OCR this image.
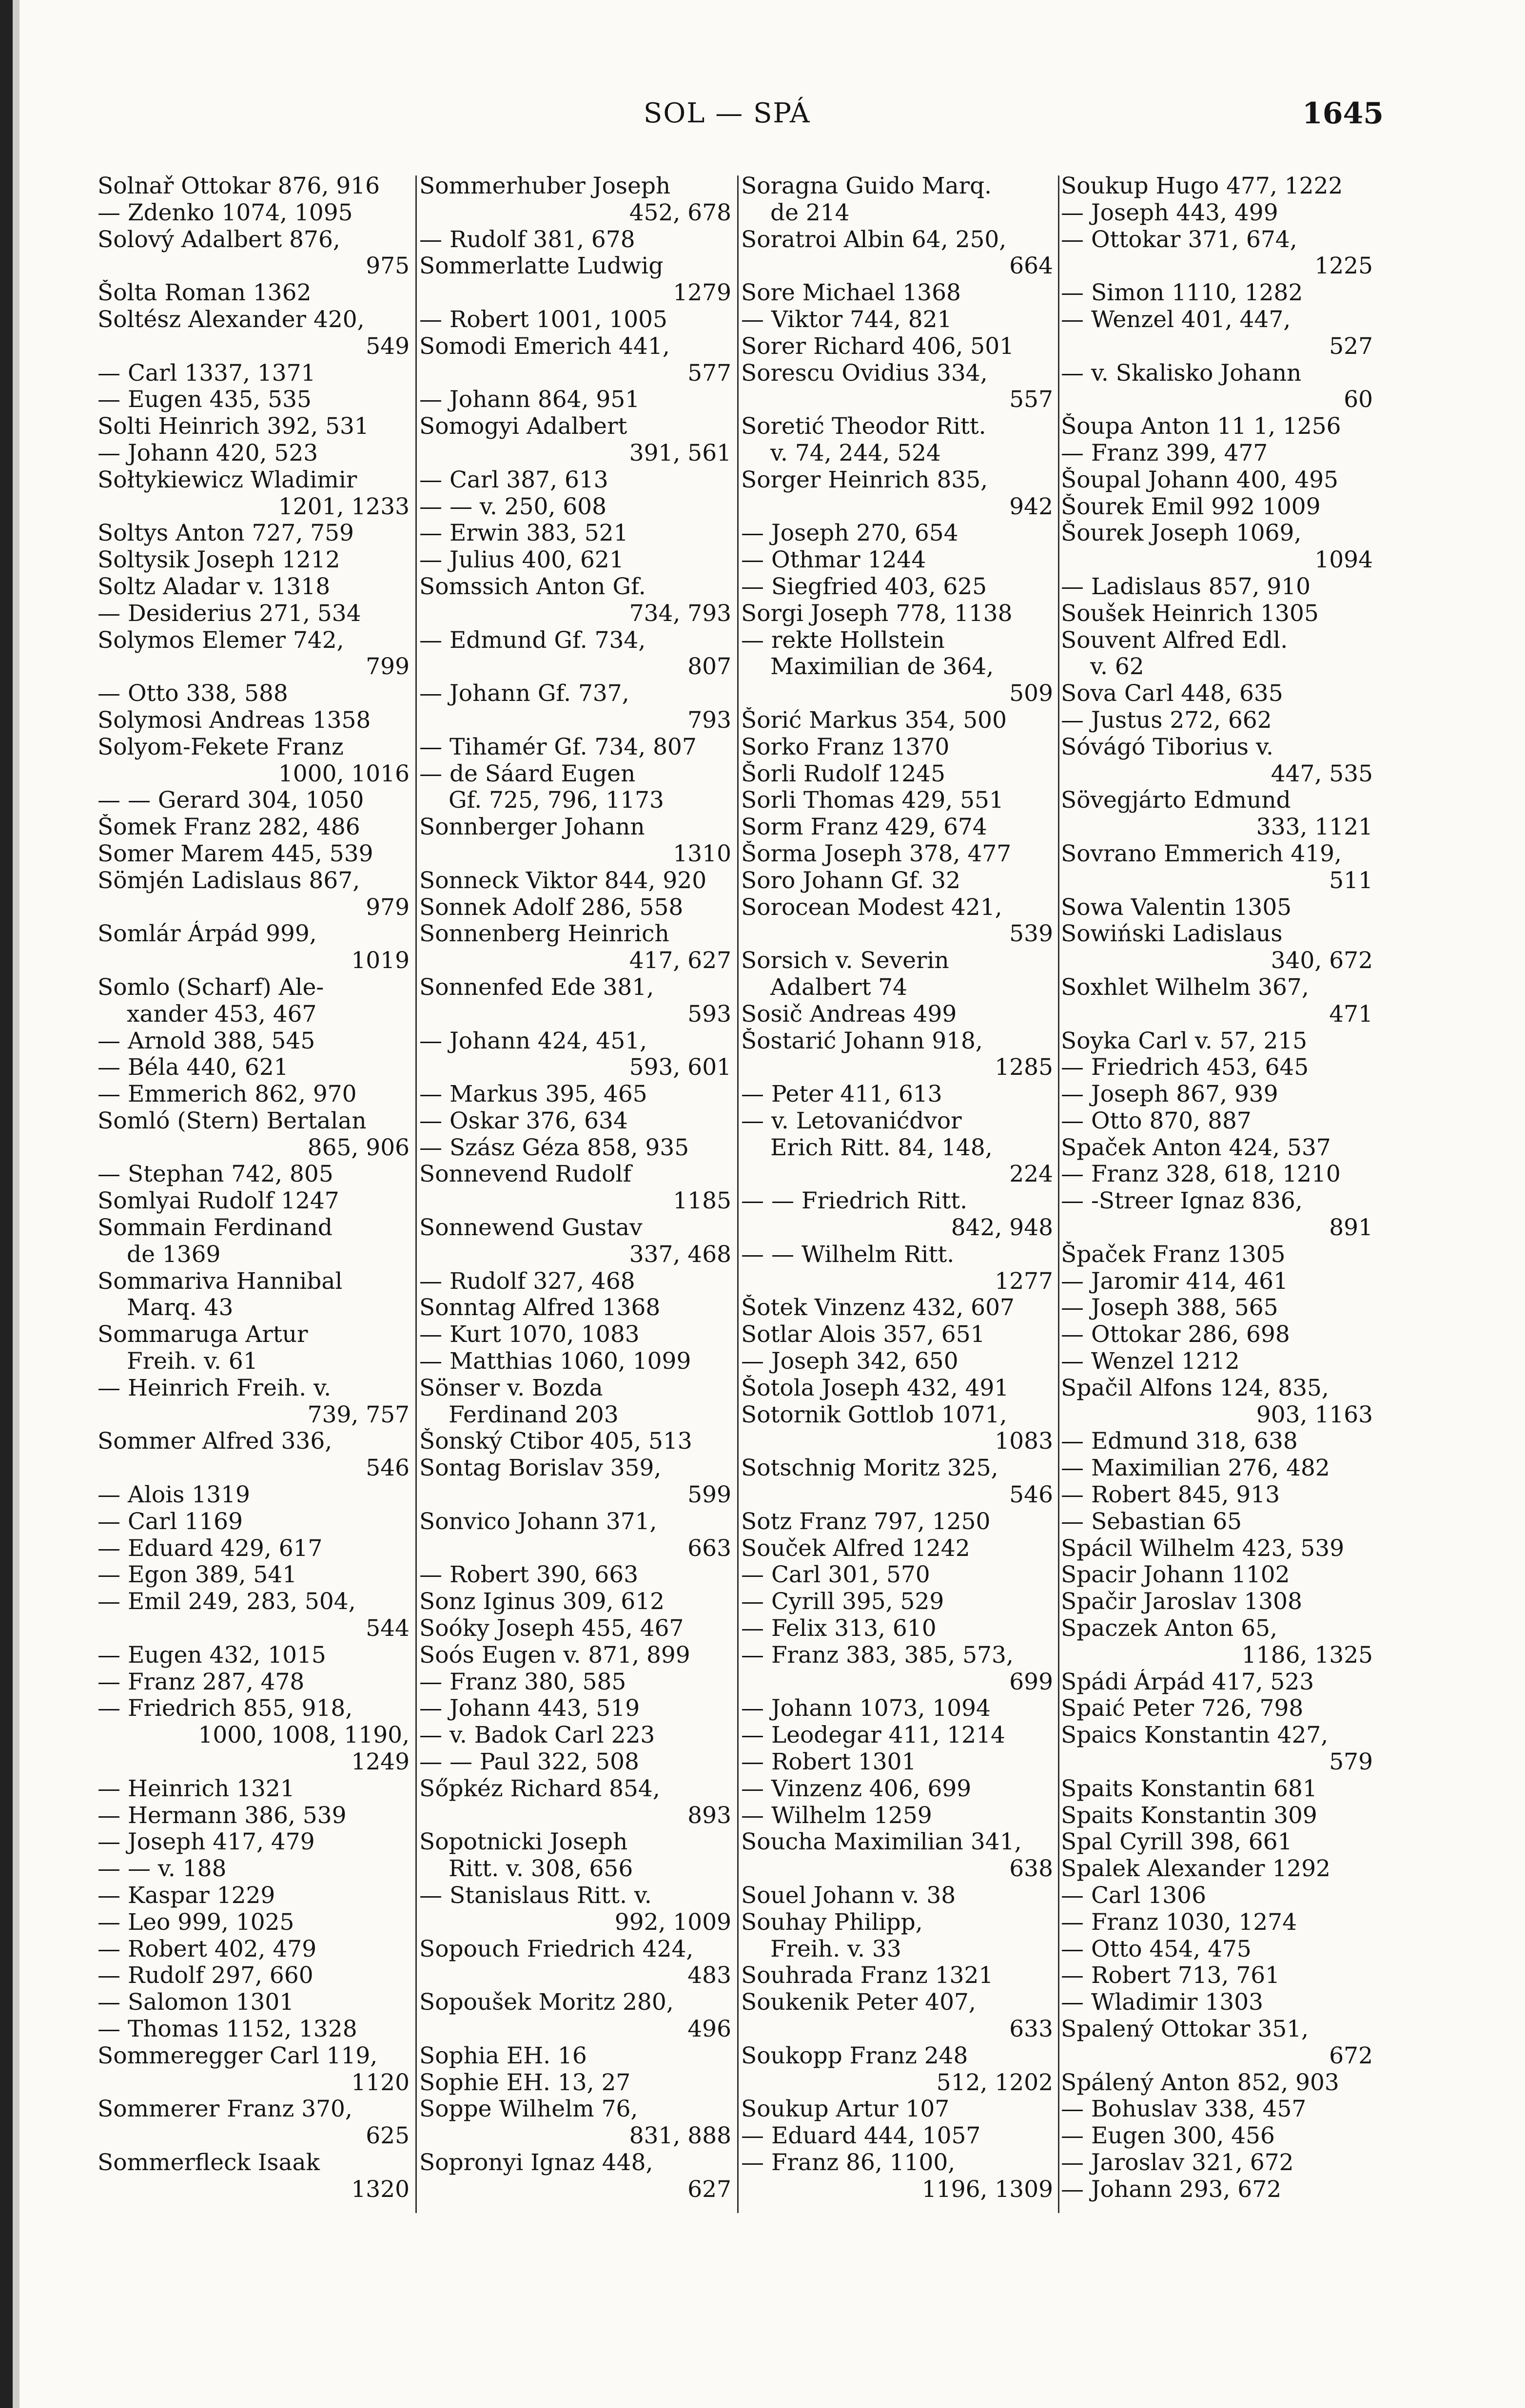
SOL — SPÁ	1645
Solnař Ottokar 876, 916
— Zdenko 1074, 1095
Solový Adalbert 876,
975
Šolta Roman 1362
Soltész Alexander 420,
549
— Carl 1337, 1371
— Eugen 435, 535
Solti Heinrich 392, 531
— Johann 420, 523
Sołtykiewicz Wladimir
1201, 1233
Soltys Anton 727, 759
Soltysik Joseph 1212
Soltz Aladar v. 1318
— Desiderius 271, 534
Solymos Elemer 742,
799
— Otto 338, 588
Solymosi Andreas 1358
Solyom-Fekete Franz
1000, 1016
— — Gerard 304, 1050
Šomek Franz 282, 486
Somer Marem 445, 539
Sömjén Ladislaus 867,
979
Somlár Árpád 999,
1019
Somlo (Scharf) Ale-
xander 453, 467
— Arnold 388, 545
— Béla 440, 621
— Emmerich 862, 970
Somló (Stern) Bertalan
865, 906
— Stephan 742, 805
Somlyai Rudolf 1247
Sommain Ferdinand
de 1369
Sommariva Hannibal
Marq. 43
Sommaruga Artur
Freih. v. 61
— Heinrich Freih. v.
739, 757
Sommer Alfred 336,
546
— Alois 1319
— Carl 1169
— Eduard 429, 617
— Egon 389, 541
— Emil 249, 283, 504,
544
— Eugen 432, 1015
— Franz 287, 478
— Friedrich 855, 918,
1000, 1008, 1190,
1249
— Heinrich 1321
— Hermann 386, 539
— Joseph 417, 479
— — v. 188
— Kaspar 1229
— Leo 999, 1025
— Robert 402, 479
— Rudolf 297, 660
— Salomon 1301
— Thomas 1152, 1328
Sommeregger Carl 119,
1120
Sommerer Franz 370,
625
Sommerfleck Isaak
1320
Sommerhuber Joseph
452, 678
— Rudolf 381, 678
Sommerlatte Ludwig
1279
— Robert 1001, 1005
Somodi Emerich 441,
577
— Johann 864, 951
Somogyi Adalbert
391, 561
— Carl 387, 613
— — v. 250, 608
— Erwin 383, 521
— Julius 400, 621
Somssich Anton Gf.
734, 793
— Edmund Gf. 734,
807
— Johann Gf. 737,
793
— Tihamér Gf. 734, 807
— de Sáard Eugen
Gf. 725, 796, 1173
Sonnberger Johann
1310
Sonneck Viktor 844, 920
Sonnek Adolf 286, 558
Sonnenberg Heinrich
417, 627
Sonnenfed Ede 381,
593
— Johann 424, 451,
593, 601
— Markus 395, 465
— Oskar 376, 634
— Szász Géza 858, 935
Sonnevend Rudolf
1185
Sonnewend Gustav
337, 468
— Rudolf 327, 468
Sonntag Alfred 1368
— Kurt 1070, 1083
— Matthias 1060, 1099
Sönser v. Bozda
Ferdinand 203
Šonský Ctibor 405, 513
Sontag Borislav 359,
599
Sonvico Johann 371,
663
— Robert 390, 663
Sonz Iginus 309, 612
Soóky Joseph 455, 467
Soós Eugen v. 871, 899
— Franz 380, 585
— Johann 443, 519
— v. Badok Carl 223
— — Paul 322, 508
Sőpkéz Richard 854,
893
Sopotnicki Joseph
Ritt. v. 308, 656
— Stanislaus Ritt. v.
992, 1009
Sopouch Friedrich 424,
483
Sopoušek Moritz 280,
496
Sophia EH. 16
Sophie EH. 13, 27
Soppe Wilhelm 76,
831, 888
Sopronyi Ignaz 448,
627
Soragna Guido Marq.
de 214
Soratroi Albin 64, 250,
664
Sore Michael 1368
— Viktor 744, 821
Sorer Richard 406, 501
Sorescu Ovidius 334,
557
Soretić Theodor Ritt.
v. 74, 244, 524
Sorger Heinrich 835,
942
— Joseph 270, 654
— Othmar 1244
— Siegfried 403, 625
Sorgi Joseph 778, 1138
— rekte Hollstein
Maximilian de 364,
509
Šorić Markus 354, 500
Sorko Franz 1370
Šorli Rudolf 1245
Sorli Thomas 429, 551
Sorm Franz 429, 674
Šorma Joseph 378, 477
Soro Johann Gf. 32
Sorocean Modest 421,
539
Sorsich v. Severin
Adalbert 74
Sosič Andreas 499
Šostarić Johann 918,
1285
— Peter 411, 613
— v. Letovanićdvor
Erich Ritt. 84, 148,
224
— — Friedrich Ritt.
842, 948
— — Wilhelm Ritt.
1277
Šotek Vinzenz 432, 607
Sotlar Alois 357, 651
— Joseph 342, 650
Šotola Joseph 432, 491
Sotornik Gottlob 1071,
1083
Sotschnig Moritz 325,
546
Sotz Franz 797, 1250
Souček Alfred 1242
— Carl 301, 570
— Cyrill 395, 529
— Felix 313, 610
— Franz 383, 385, 573,
699
— Johann 1073, 1094
— Leodegar 411, 1214
— Robert 1301
— Vinzenz 406, 699
— Wilhelm 1259
Soucha Maximilian 341,
638
Souel Johann v. 38
Souhay Philipp,
Freih. v. 33
Souhrada Franz 1321
Soukenik Peter 407,
633
Soukopp Franz 248
512, 1202
Soukup Artur 107
— Eduard 444, 1057
— Franz 86, 1100,
1196, 1309
Soukup Hugo 477, 1222
— Joseph 443, 499
— Ottokar 371, 674,
1225
— Simon 1110, 1282
— Wenzel 401, 447,
527
— v. Skalisko Johann
60
Šoupa Anton 11 1, 1256
— Franz 399, 477
Šoupal Johann 400, 495
Šourek Emil 992 1009
Šourek Joseph 1069,
1094
— Ladislaus 857, 910
Soušek Heinrich 1305
Souvent Alfred Edl.
v. 62
Sova Carl 448, 635
— Justus 272, 662
Sóvágó Tiborius v.
447, 535
Sövegjárto Edmund
333, 1121
Sovrano Emmerich 419,
511
Sowa Valentin 1305
Sowiński Ladislaus
340, 672
Soxhlet Wilhelm 367,
471
Soyka Carl v. 57, 215
— Friedrich 453, 645
— Joseph 867, 939
— Otto 870, 887
Spaček Anton 424, 537
— Franz 328, 618, 1210
— -Streer Ignaz 836,
891
Špaček Franz 1305
— Jaromir 414, 461
— Joseph 388, 565
— Ottokar 286, 698
— Wenzel 1212
Spačil Alfons 124, 835,
903, 1163
— Edmund 318, 638
— Maximilian 276, 482
— Robert 845, 913
— Sebastian 65
Spácil Wilhelm 423, 539
Spacir Johann 1102
Spačir Jaroslav 1308
Spaczek Anton 65,
1186, 1325
Spádi Árpád 417, 523
Spaić Peter 726, 798
Spaics Konstantin 427,
579
Spaits Konstantin 681
Spaits Konstantin 309
Spal Cyrill 398, 661
Spalek Alexander 1292
— Carl 1306
— Franz 1030, 1274
— Otto 454, 475
— Robert 713, 761
— Wladimir 1303
Spalený Ottokar 351,
672
Spálený Anton 852, 903
— Bohuslav 338, 457
— Eugen 300, 456
— Jaroslav 321, 672
— Johann 293, 672
